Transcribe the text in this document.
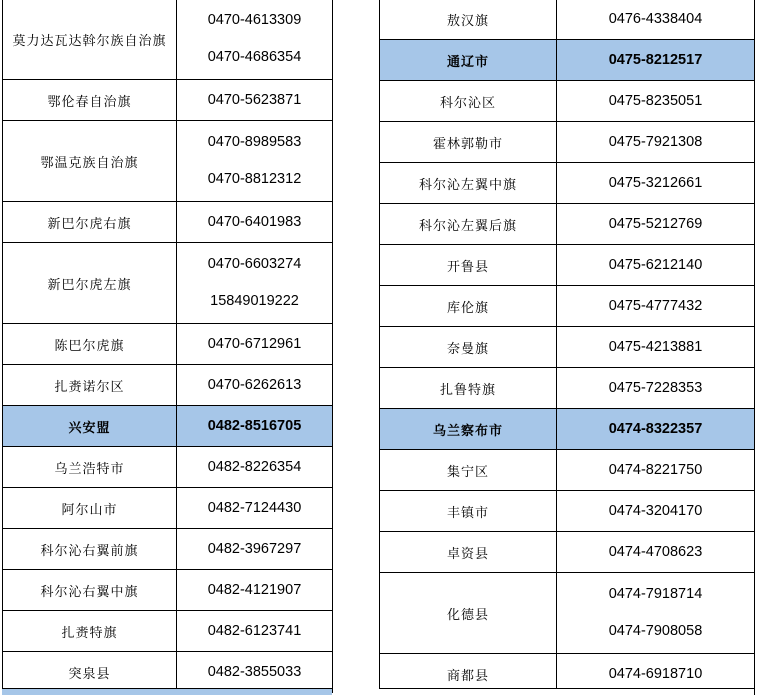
莫力达瓦达斡尔族自治旗	0470-4613309
0470-4686354

鄂伦春自治旗	0470-5623871

鄂温克族自治旗	0470-8989583
0470-8812312

新巴尔虎右旗	0470-6401983

新巴尔虎左旗	0470-6603274
15849019222

陈巴尔虎旗	0470-6712961

扎赉诺尔区	0470-6262613

兴安盟	0482-8516705

乌兰浩特市	0482-8226354

阿尔山市	0482-7124430

科尔沁右翼前旗	0482-3967297

科尔沁右翼中旗	0482-4121907

扎赉特旗	0482-6123741

突泉县	0482-3855033
敖汉旗	0476-4338404

通辽市	0475-8212517

科尔沁区	0475-8235051

霍林郭勒市	0475-7921308

科尔沁左翼中旗	0475-3212661

科尔沁左翼后旗	0475-5212769

开鲁县	0475-6212140

库伦旗	0475-4777432

奈曼旗	0475-4213881

扎鲁特旗	0475-7228353

乌兰察布市	0474-8322357

集宁区	0474-8221750

丰镇市	0474-3204170

卓资县	0474-4708623

化德县	0474-7918714
0474-7908058

商都县	0474-6918710
